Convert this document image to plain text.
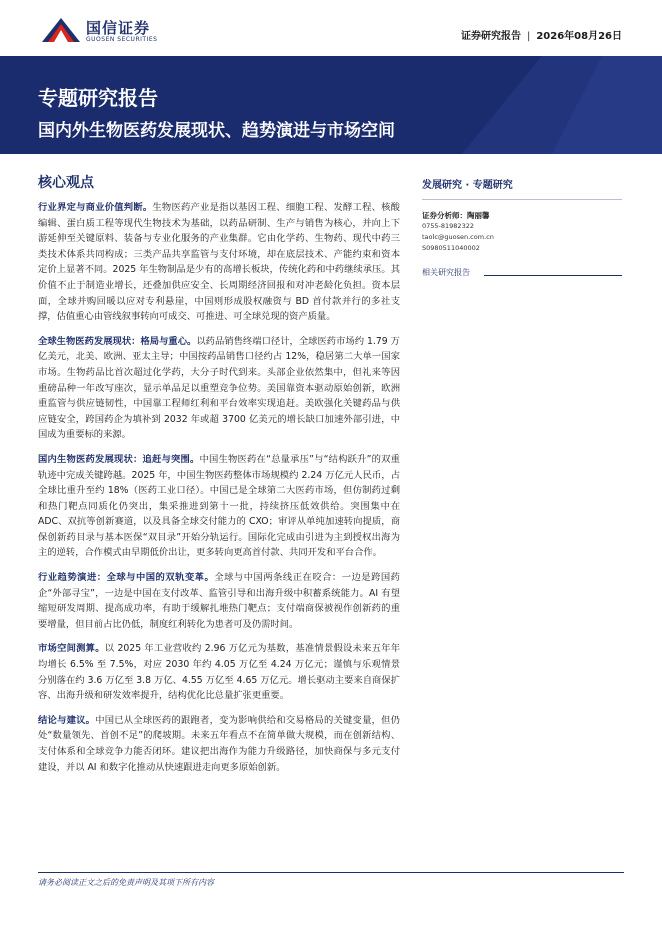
国信证券
GUOSEN SECURITIES	证券研究报告 | 2026年08月26日
专题研究报告
国内外生物医药发展现状、趋势演进与市场空间
核心观点

行业界定与商业价值判断。生物医药产业是指以基因工程、细胞工程、发酵工程、核酸编辑、蛋白质工程等现代生物技术为基础，以药品研制、生产与销售为核心，并向上下游延伸至关键原料、装备与专业化服务的产业集群。它由化学药、生物药、现代中药三类技术体系共同构成；三类产品共享监管与支付环境，却在底层技术、产能约束和资本定价上显著不同。2025 年生物制品是少有的高增长板块，传统化药和中药继续承压。其价值不止于制造业增长，还叠加供应安全、长周期经济回报和对冲老龄化负担。资本层面，全球并购回暖以应对专利悬崖，中国则形成股权融资与 BD 首付款并行的多社支撑，估值重心由管线叙事转向可成交、可推进、可全球兑现的资产质量。

全球生物医药发展现状：格局与重心。以药品销售终端口径计，全球医药市场约 1.79 万亿美元，北美、欧洲、亚太主导；中国按药品销售口径约占 12%，稳居第二大单一国家市场。生物药品比首次超过化学药，大分子时代到来。头部企业依然集中，但礼来等因重磅品种一年改写座次，显示单品足以重塑竞争位势。美国靠资本驱动原始创新，欧洲重监管与供应链韧性，中国靠工程师红利和平台效率实现追赶。美欧强化关键药品与供应链安全，跨国药企为填补到 2032 年或超 3700 亿美元的增长缺口加速外部引进，中国成为重要标的来源。

国内生物医药发展现状：追赶与突围。中国生物医药在“总量承压”与“结构跃升”的双重轨迹中完成关键跨越。2025 年，中国生物医药整体市场规模约 2.24 万亿元人民币，占全球比重升至约 18%（医药工业口径）。中国已是全球第二大医药市场，但仿制药过剩和热门靶点同质化仍突出，集采推进到第十一批，持续挤压低效供给。突围集中在 ADC、双抗等创新赛道，以及具备全球交付能力的 CXO；审评从单纯加速转向提质，商保创新药目录与基本医保“双目录”开始分轨运行。国际化完成由引进为主到授权出海为主的逆转，合作模式由早期低价出让，更多转向更高首付款、共同开发和平台合作。

行业趋势演进：全球与中国的双轨变革。全球与中国两条线正在咬合：一边是跨国药企“外部寻宝”，一边是中国在支付改革、监管引导和出海升级中积蓄系统能力。AI 有望缩短研发周期、提高成功率，有助于缓解扎堆热门靶点；支付端商保被视作创新药的重要增量，但目前占比仍低，制度红利转化为患者可及仍需时间。

市场空间测算。以 2025 年工业营收约 2.96 万亿元为基数，基准情景假设未来五年年均增长 6.5% 至 7.5%，对应 2030 年约 4.05 万亿至 4.24 万亿元；谨慎与乐观情景分别落在约 3.6 万亿至 3.8 万亿、4.55 万亿至 4.65 万亿元。增长驱动主要来自商保扩容、出海升级和研发效率提升，结构优化比总量扩张更重要。

结论与建议。中国已从全球医药的跟跑者，变为影响供给和交易格局的关键变量，但仍处“数量领先、首创不足”的爬坡期。未来五年看点不在简单做大规模，而在创新结构、支付体系和全球竞争力能否闭环。建议把出海作为能力升级路径，加快商保与多元支付建设，并以 AI 和数字化推动从快速跟进走向更多原始创新。

发展研究 · 专题研究
证券分析师：陶丽馨
0755-81982322
taolc@guosen.com.cn
S0980511040002
相关研究报告
请务必阅读正文之后的免责声明及其项下所有内容
